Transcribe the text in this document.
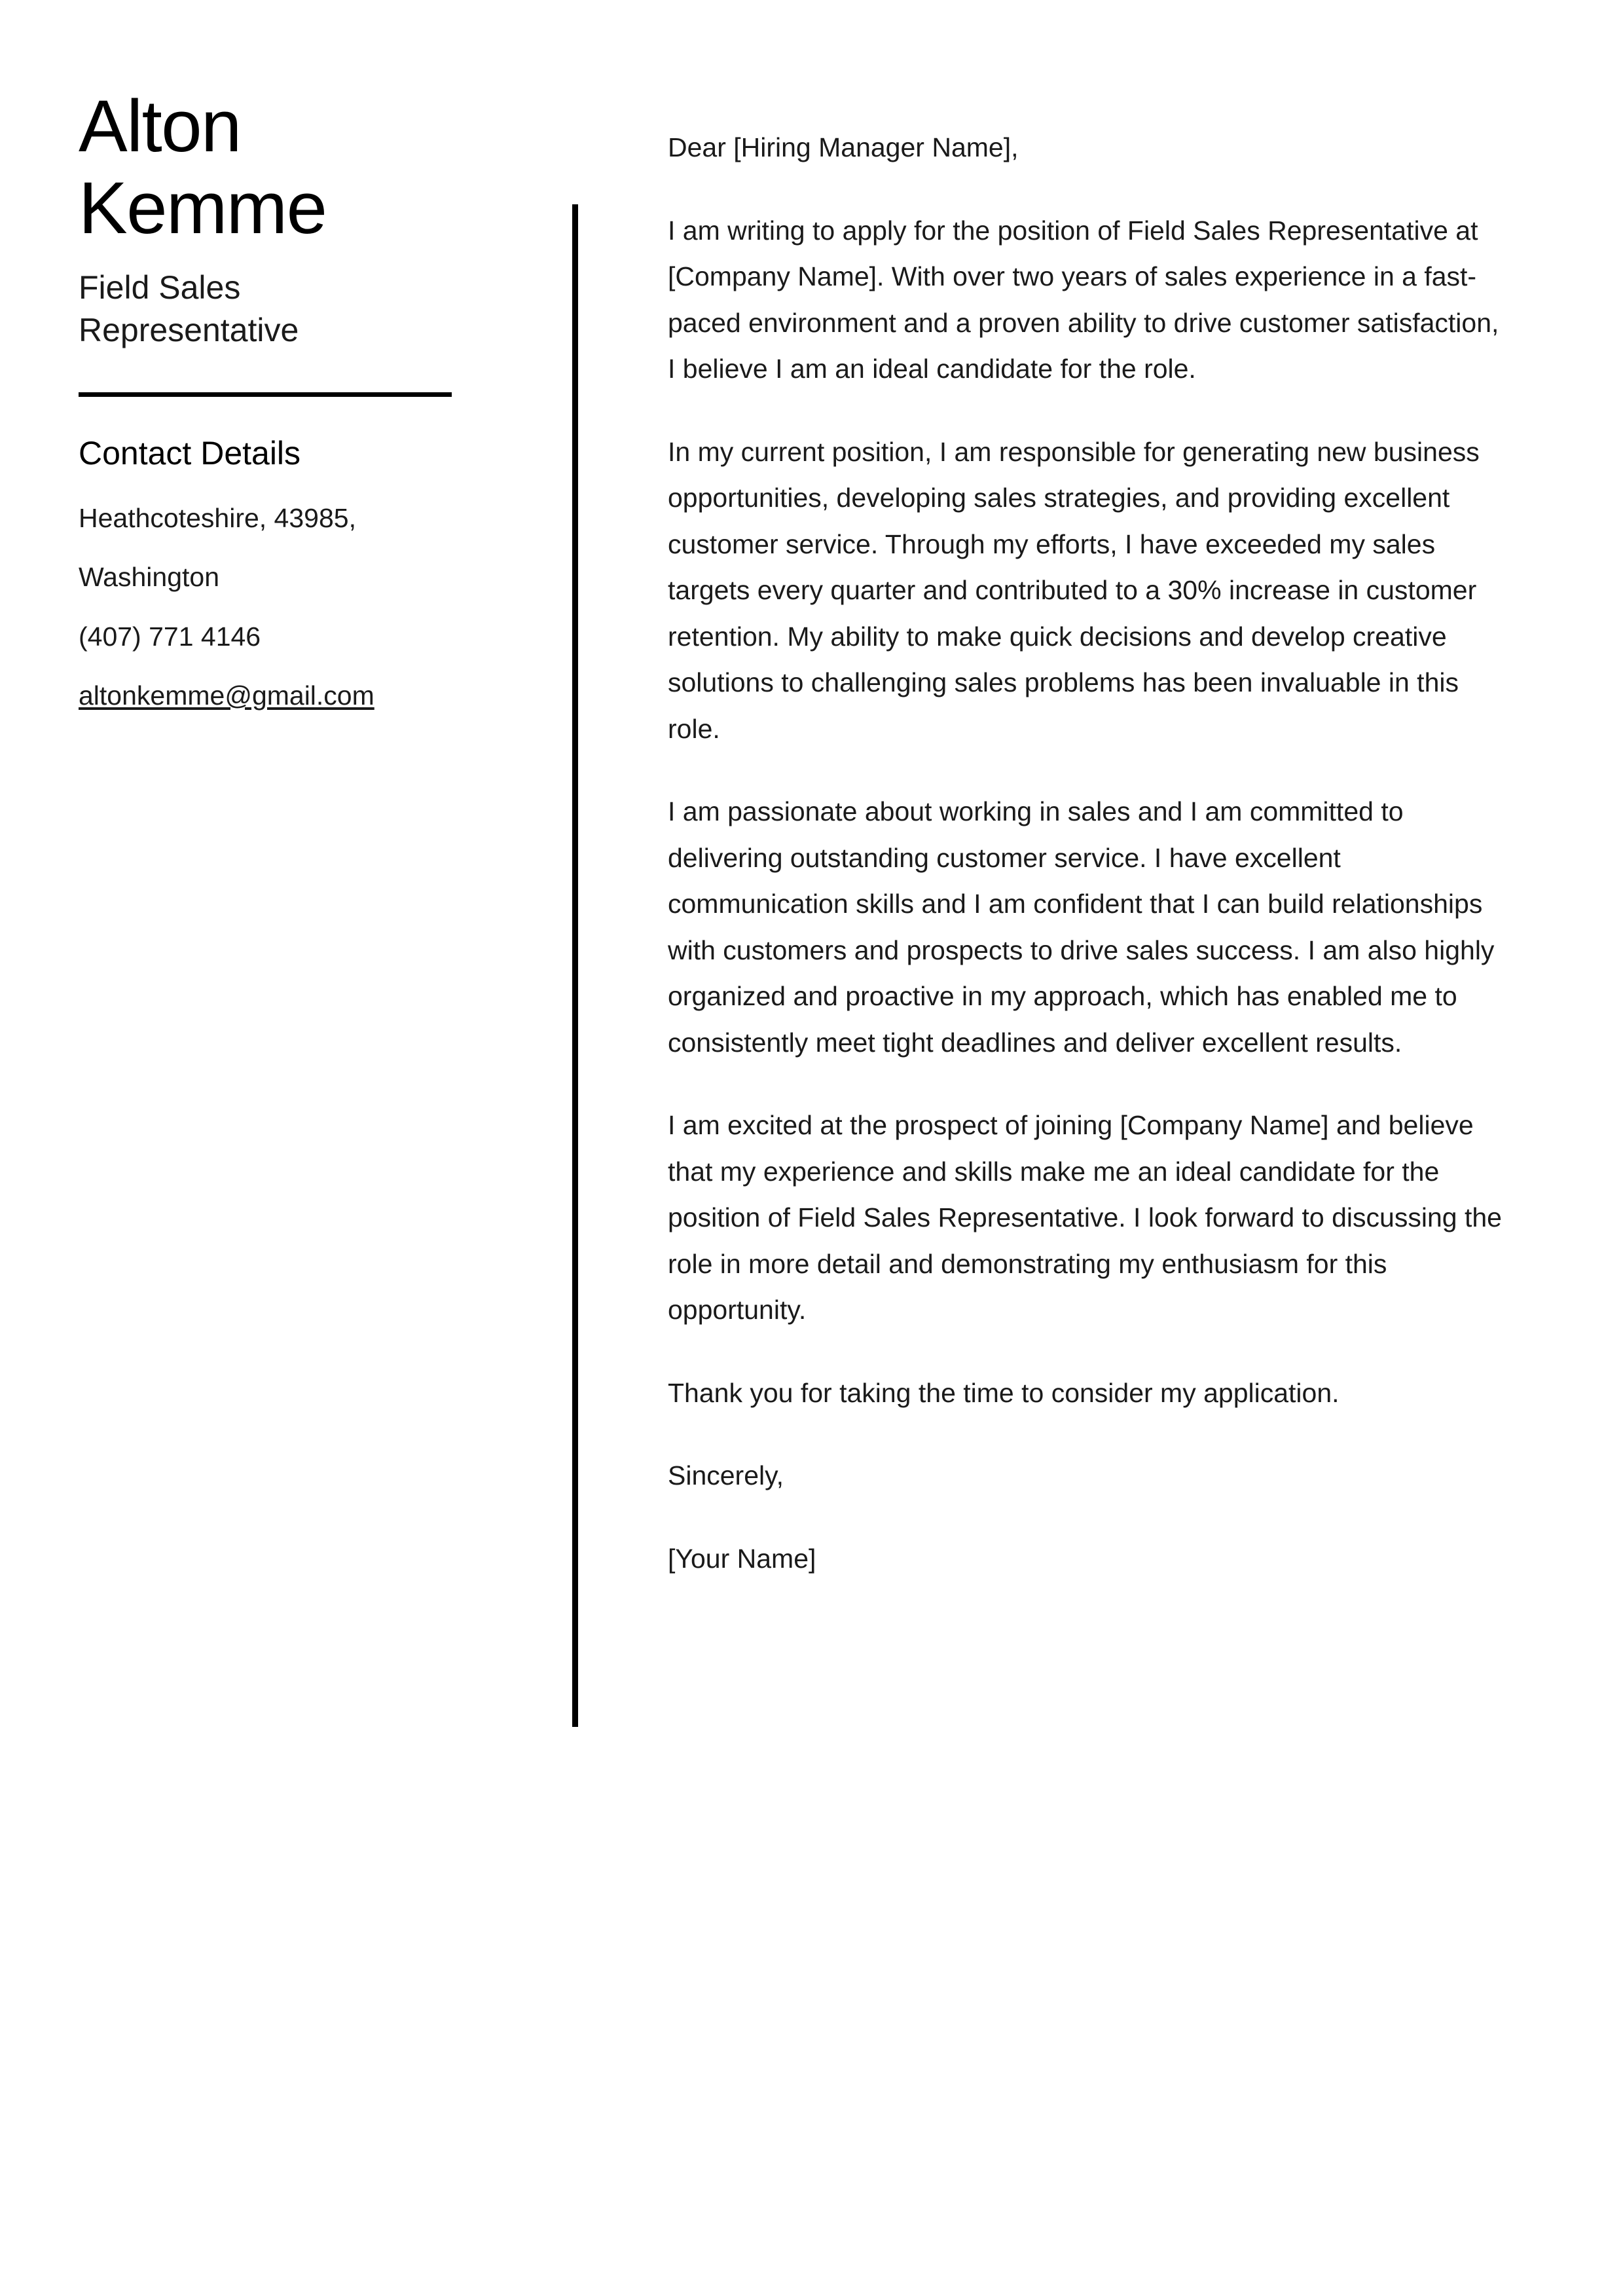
Alton
Kemme
Field Sales
Representative
Contact Details
Heathcoteshire, 43985,
Washington
(407) 771 4146
altonkemme@gmail.com

Dear [Hiring Manager Name],

I am writing to apply for the position of Field Sales Representative at [Company Name]. With over two years of sales experience in a fast-paced environment and a proven ability to drive customer satisfaction, I believe I am an ideal candidate for the role.

In my current position, I am responsible for generating new business opportunities, developing sales strategies, and providing excellent customer service. Through my efforts, I have exceeded my sales targets every quarter and contributed to a 30% increase in customer retention. My ability to make quick decisions and develop creative solutions to challenging sales problems has been invaluable in this role.

I am passionate about working in sales and I am committed to delivering outstanding customer service. I have excellent communication skills and I am confident that I can build relationships with customers and prospects to drive sales success. I am also highly organized and proactive in my approach, which has enabled me to consistently meet tight deadlines and deliver excellent results.

I am excited at the prospect of joining [Company Name] and believe that my experience and skills make me an ideal candidate for the position of Field Sales Representative. I look forward to discussing the role in more detail and demonstrating my enthusiasm for this opportunity.

Thank you for taking the time to consider my application.

Sincerely,

[Your Name]
